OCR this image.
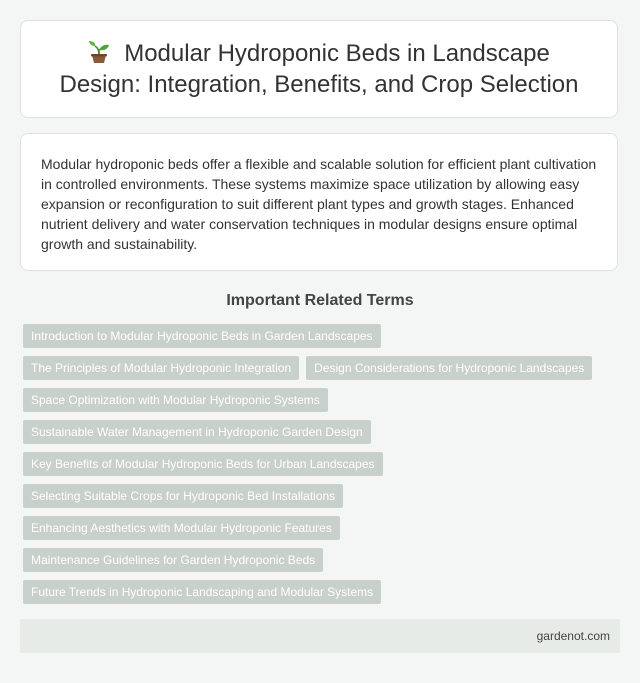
Modular Hydroponic Beds in Landscape Design: Integration, Benefits, and Crop Selection

Modular hydroponic beds offer a flexible and scalable solution for efficient plant cultivation in controlled environments. These systems maximize space utilization by allowing easy expansion or reconfiguration to suit different plant types and growth stages. Enhanced nutrient delivery and water conservation techniques in modular designs ensure optimal growth and sustainability.

Important Related Terms
Introduction to Modular Hydroponic Beds in Garden Landscapes
The Principles of Modular Hydroponic Integration	Design Considerations for Hydroponic Landscapes
Space Optimization with Modular Hydroponic Systems
Sustainable Water Management in Hydroponic Garden Design
Key Benefits of Modular Hydroponic Beds for Urban Landscapes
Selecting Suitable Crops for Hydroponic Bed Installations
Enhancing Aesthetics with Modular Hydroponic Features
Maintenance Guidelines for Garden Hydroponic Beds
Future Trends in Hydroponic Landscaping and Modular Systems
gardenot.com
